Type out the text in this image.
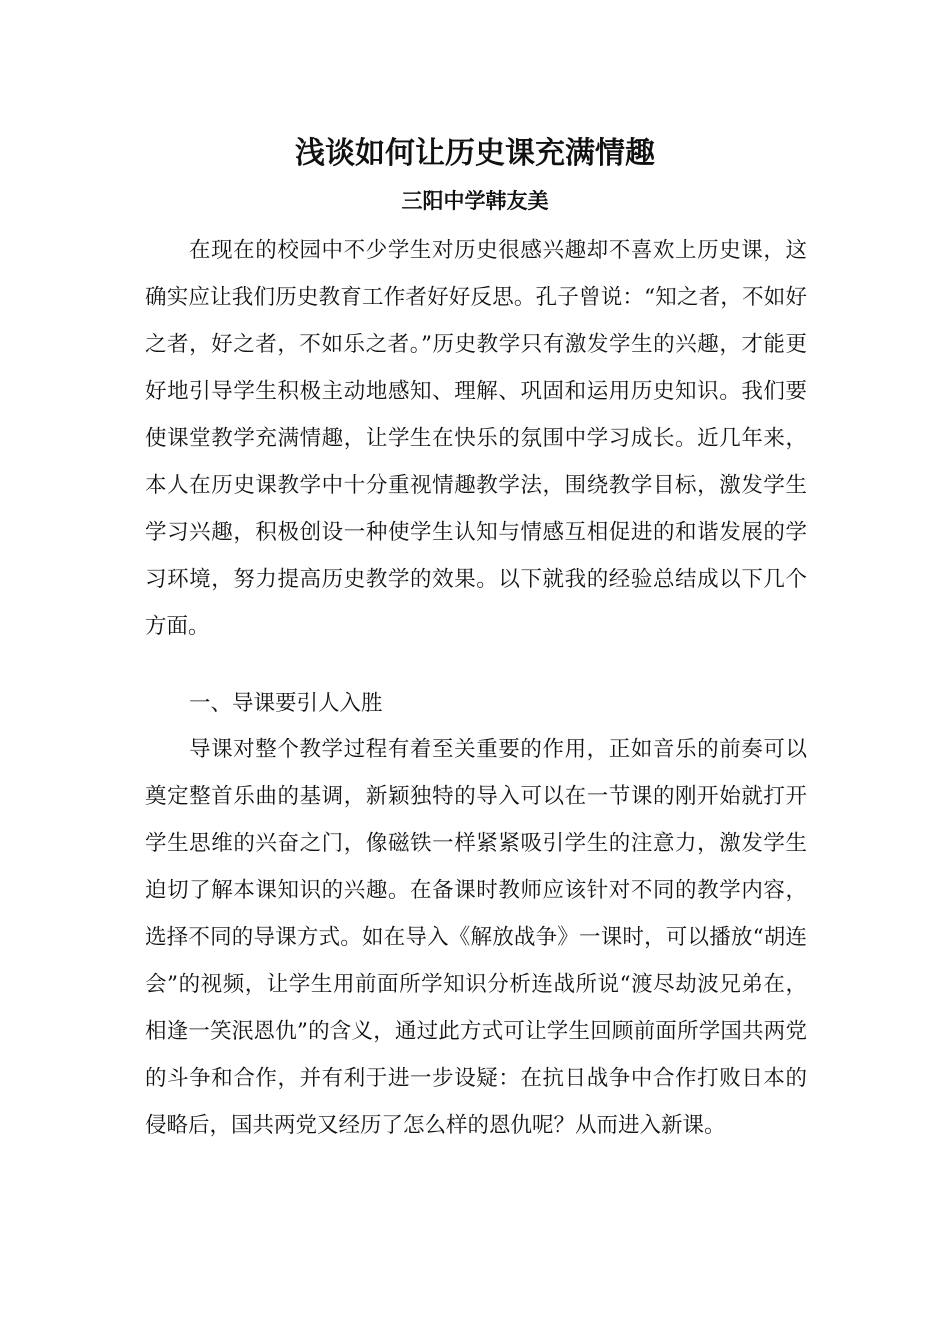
浅谈如何让历史课充满情趣
三阳中学韩友美

在现在的校园中不少学生对历史很感兴趣却不喜欢上历史课，这确实应让我们历史教育工作者好好反思。孔子曾说：“知之者，不如好之者，好之者，不如乐之者。”历史教学只有激发学生的兴趣，才能更好地引导学生积极主动地感知、理解、巩固和运用历史知识。我们要使课堂教学充满情趣，让学生在快乐的氛围中学习成长。近几年来，本人在历史课教学中十分重视情趣教学法，围绕教学目标，激发学生学习兴趣，积极创设一种使学生认知与情感互相促进的和谐发展的学习环境，努力提高历史教学的效果。以下就我的经验总结成以下几个方面。

一、导课要引人入胜

导课对整个教学过程有着至关重要的作用，正如音乐的前奏可以奠定整首乐曲的基调，新颖独特的导入可以在一节课的刚开始就打开学生思维的兴奋之门，像磁铁一样紧紧吸引学生的注意力，激发学生迫切了解本课知识的兴趣。在备课时教师应该针对不同的教学内容，选择不同的导课方式。如在导入《解放战争》一课时，可以播放“胡连会”的视频，让学生用前面所学知识分析连战所说“渡尽劫波兄弟在，相逢一笑泯恩仇”的含义，通过此方式可让学生回顾前面所学国共两党的斗争和合作，并有利于进一步设疑：在抗日战争中合作打败日本的侵略后，国共两党又经历了怎么样的恩仇呢？从而进入新课。
